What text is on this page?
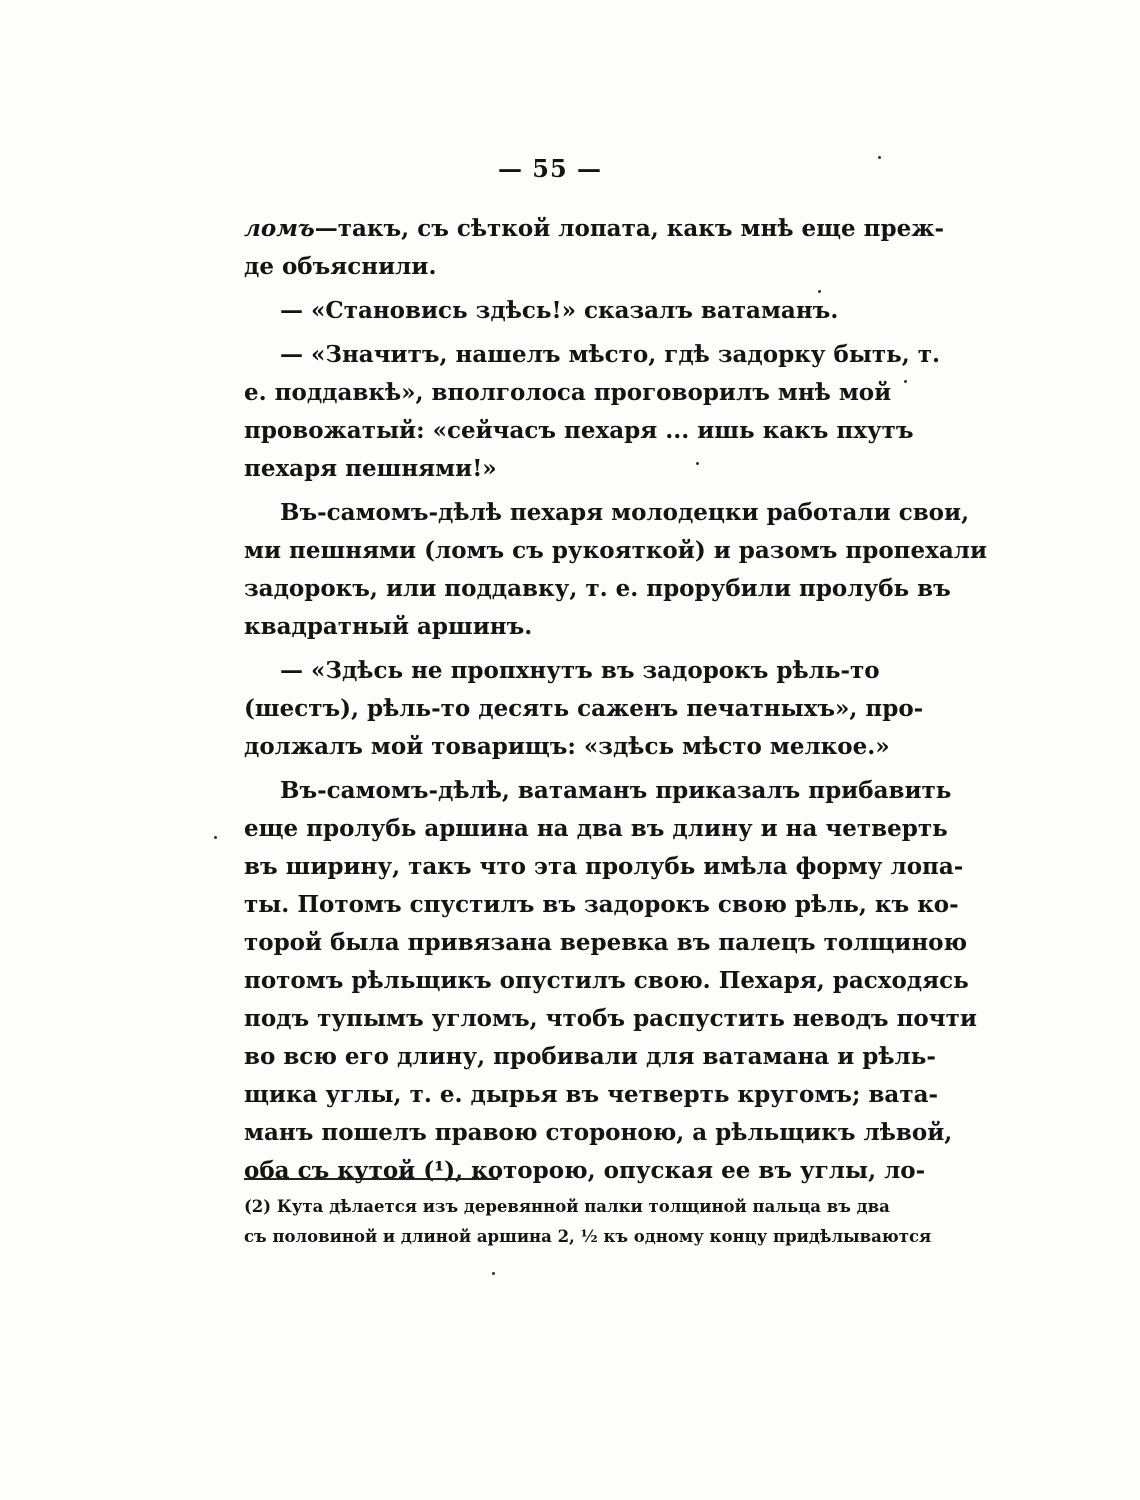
— 55 —
ломъ—такъ, съ сѣткой лопата, какъ мнѣ еще преж-
де объяснили.
— «Становись здѣсь!» сказалъ ватаманъ.
— «Значитъ, нашелъ мѣсто, гдѣ задорку быть, т.
е. поддавкѣ», вполголоса проговорилъ мнѣ мой
провожатый: «сейчасъ пехаря ... ишь какъ пхутъ
пехаря пешнями!»
Въ-самомъ-дѣлѣ пехаря молодецки работали свои,
ми пешнями (ломъ съ рукояткой) и разомъ пропехали
задорокъ, или поддавку, т. е. прорубили пролубь въ
квадратный аршинъ.
— «Здѣсь не пропхнутъ въ задорокъ рѣль-то
(шестъ), рѣль-то десять саженъ печатныхъ», про-
должалъ мой товарищъ: «здѣсь мѣсто мелкое.»
Въ-самомъ-дѣлѣ, ватаманъ приказалъ прибавить
еще пролубь аршина на два въ длину и на четверть
въ ширину, такъ что эта пролубь имѣла форму лопа-
ты. Потомъ спустилъ въ задорокъ свою рѣль, къ ко-
торой была привязана веревка въ палецъ толщиною
потомъ рѣльщикъ опустилъ свою. Пехаря, расходясь
подъ тупымъ угломъ, чтобъ распустить неводъ почти
во всю его длину, пробивали для ватамана и рѣль-
щика углы, т. е. дырья въ четверть кругомъ; вата-
манъ пошелъ правою стороною, а рѣльщикъ лѣвой,
оба съ кутой (¹), которою, опуская ее въ углы, ло-
(2) Кута дѣлается изъ деревянной палки толщиной пальца въ два
съ половиной и длиной аршина 2, ½ къ одному концу придѣлываются
